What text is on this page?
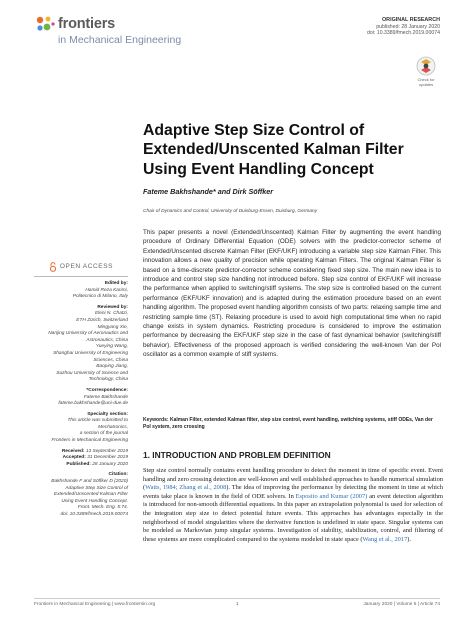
frontiers
in Mechanical Engineering
ORIGINAL RESEARCH
published: 28 January 2020
doi: 10.3389/fmech.2019.00074
Check for updates
Adaptive Step Size Control of Extended/Unscented Kalman Filter Using Event Handling Concept
Fateme Bakhshande* and Dirk Söffker
Chair of Dynamics and Control, University of Duisburg-Essen, Duisburg, Germany
This paper presents a novel (Extended/Unscented) Kalman Filter by augmenting the event handling procedure of Ordinary Differential Equation (ODE) solvers with the predictor-corrector scheme of Extended/Unscented discrete Kalman Filter (EKF/UKF) introducing a variable step size Kalman Filter. This innovation allows a new quality of precision while operating Kalman Filters. The original Kalman Filter is based on a time-discrete predictor-corrector scheme considering fixed step size. The main new idea is to introduce and control step size handling not introduced before. Step size control of EKF/UKF will increase the performance when applied to switching/stiff systems. The step size is controlled based on the current performance (EKF/UKF innovation) and is adapted during the estimation procedure based on an event handling algorithm. The proposed event handling algorithm consists of two parts: relaxing sample time and restricting sample time (ST). Relaxing procedure is used to avoid high computational time when no rapid change exists in system dynamics. Restricting procedure is considered to improve the estimation performance by decreasing the EKF/UKF step size in the case of fast dynamical behavior (switching/stiff behavior). Effectiveness of the proposed approach is verified considering the well-known Van der Pol oscillator as a common example of stiff systems.
Keywords: Kalman Filter, extended Kalman filter, step size control, event handling, switching systems, stiff ODEs, Van der Pol system, zero crossing
1. INTRODUCTION AND PROBLEM DEFINITION
Step size control normally contains event handling procedure to detect the moment in time of specific event. Event handling and zero crossing detection are well-known and well established approaches to handle numerical simulation (Watts, 1984; Zhang et al., 2008). The idea of improving the performance by detecting the moment in time at which events take place is known in the field of ODE solvers. In Esposito and Kumar (2007) an event detection algorithm is introduced for non-smooth differential equations. In this paper an extrapolation polynomial is used for selection of the integration step size to detect potential future events. This approaches has advantages especially in the neighborhood of model singularities where the derivative function is undefined in state space. Singular systems can be modeled as Markovian jump singular systems. Investigation of stability, stabilization, control, and filtering of these systems are more complicated compared to the systems modeled in state space (Wang et al., 2017).
OPEN ACCESS
Edited by:
Hamid Reza Karimi,
Politecnico di Milano, Italy
Reviewed by:
Eleni N. Chatzi,
ETH Zürich, Switzerland
Mingyang Xie,
Nanjing University of Aeronautics and
Astronautics, China
Yueying Wang,
Shanghai University of Engineering
Sciences, China
Baoping Jiang,
Suzhou University of Science and
Technology, China
*Correspondence:
Fateme Bakhshande
fateme.bakhshande@uni-due.de
Specialty section:
This article was submitted to
Mechatronics,
a section of the journal
Frontiers in Mechanical Engineering
Received: 13 September 2019
Accepted: 31 December 2019
Published: 28 January 2020
Citation:
Bakhshande F and Söffker D (2020)
Adaptive Step Size Control of
Extended/Unscented Kalman Filter
Using Event Handling Concept.
Front. Mech. Eng. 5:74.
doi: 10.3389/fmech.2019.00074
Frontiers in Mechanical Engineering | www.frontiersin.org	1	January 2020 | Volume 5 | Article 74
